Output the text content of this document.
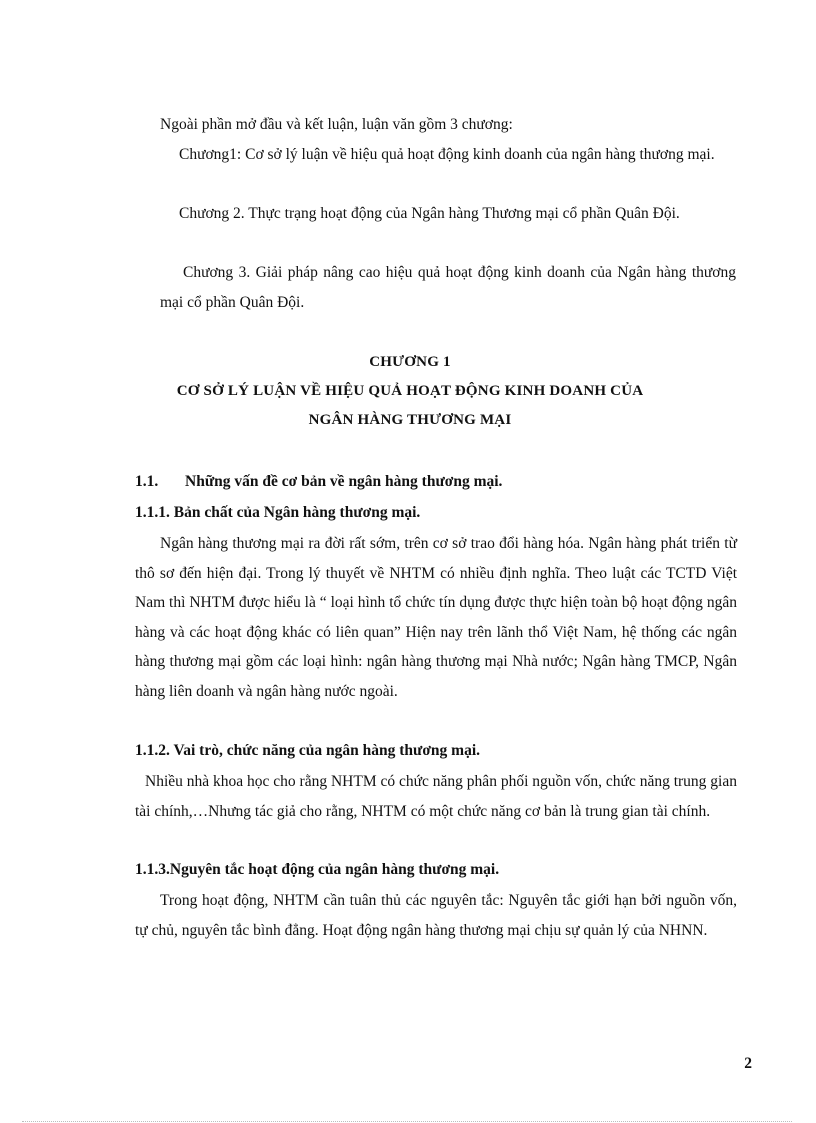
Ngoài phần mở đầu và kết luận, luận văn gồm 3 chương:

Chương1: Cơ sở lý luận về hiệu quả hoạt động kinh doanh của ngân hàng thương mại.

Chương 2. Thực trạng hoạt động của Ngân hàng Thương mại cổ phần Quân Đội.

Chương 3. Giải pháp nâng cao hiệu quả hoạt động kinh doanh của Ngân hàng thương mại cổ phần Quân Đội.

CHƯƠNG 1
CƠ SỞ LÝ LUẬN VỀ HIỆU QUẢ HOẠT ĐỘNG KINH DOANH CỦA
NGÂN HÀNG THƯƠNG MẠI
1.1. Những vấn đề cơ bản về ngân hàng thương mại.
1.1.1. Bản chất của Ngân hàng thương mại.

Ngân hàng thương mại ra đời rất sớm, trên cơ sở trao đổi hàng hóa. Ngân hàng phát triển từ thô sơ đến hiện đại. Trong lý thuyết về NHTM có nhiều định nghĩa. Theo luật các TCTD Việt Nam thì NHTM được hiểu là “ loại hình tổ chức tín dụng được thực hiện toàn bộ hoạt động ngân hàng và các hoạt động khác có liên quan” Hiện nay trên lãnh thổ Việt Nam, hệ thống các ngân hàng thương mại gồm các loại hình: ngân hàng thương mại Nhà nước; Ngân hàng TMCP, Ngân hàng liên doanh và ngân hàng nước ngoài.

1.1.2. Vai trò, chức năng của ngân hàng thương mại.

Nhiều nhà khoa học cho rằng NHTM có chức năng phân phối nguồn vốn, chức năng trung gian tài chính,…Nhưng tác giả cho rằng, NHTM có một chức năng cơ bản là trung gian tài chính.

1.1.3.Nguyên tắc hoạt động của ngân hàng thương mại.

Trong hoạt động, NHTM cần tuân thủ các nguyên tắc: Nguyên tắc giới hạn bởi nguồn vốn, tự chủ, nguyên tắc bình đẳng. Hoạt động ngân hàng thương mại chịu sự quản lý của NHNN.

2
